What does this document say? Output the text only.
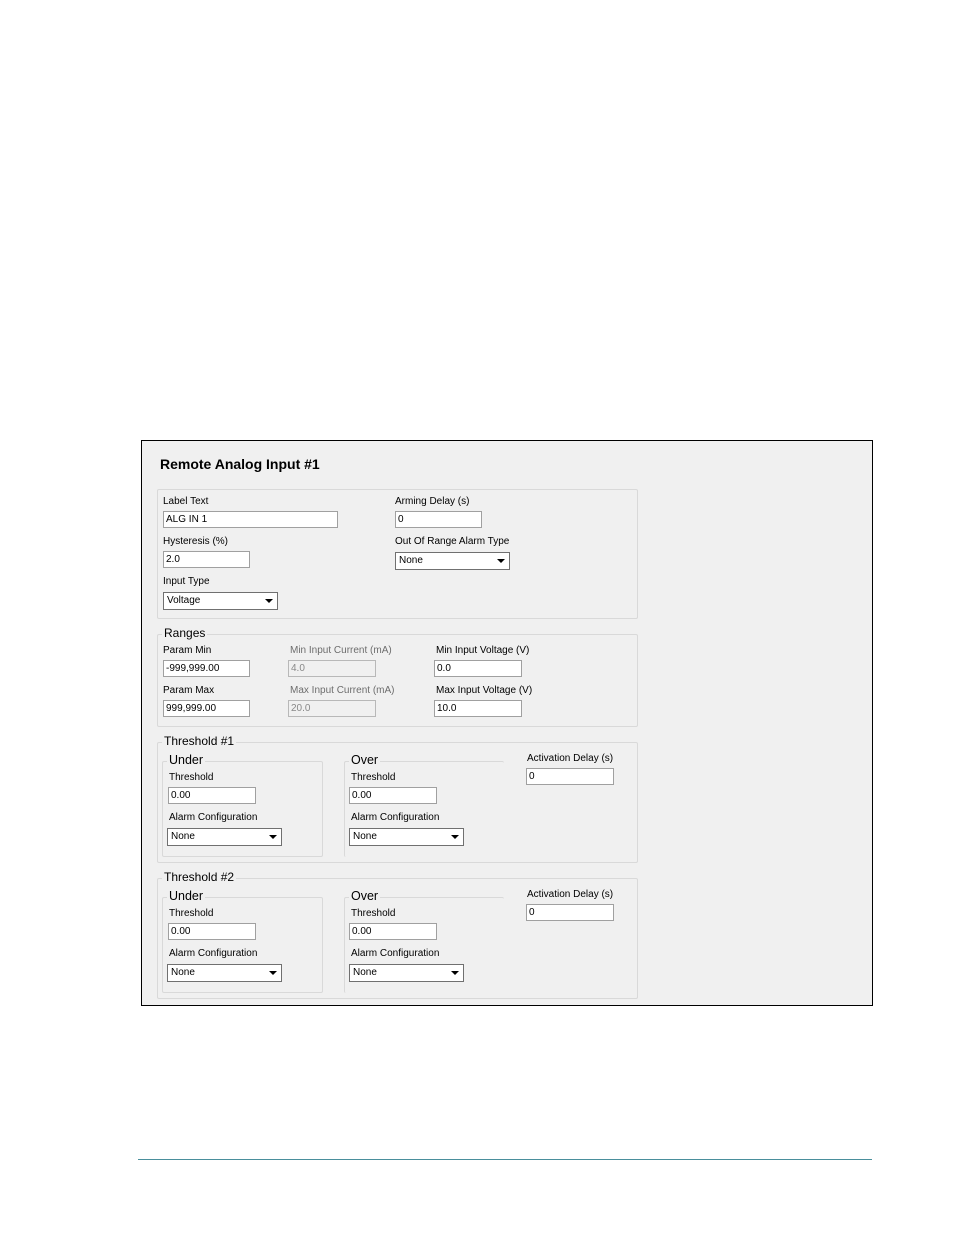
Remote Analog Input #1
Label Text
ALG IN 1
Arming Delay (s)
0
Hysteresis (%)
2.0
Out Of Range Alarm Type
None
Input Type
Voltage
Ranges
Param Min
-999,999.00
Min Input Current (mA)
4.0
Min Input Voltage (V)
0.0
Param Max
999,999.00
Max Input Current (mA)
20.0
Max Input Voltage (V)
10.0
Threshold #1
Under
Threshold
0.00
Alarm Configuration
None
Over
Threshold
0.00
Alarm Configuration
None
Activation Delay (s)
0
Threshold #2
Under
Threshold
0.00
Alarm Configuration
None
Over
Threshold
0.00
Alarm Configuration
None
Activation Delay (s)
0
